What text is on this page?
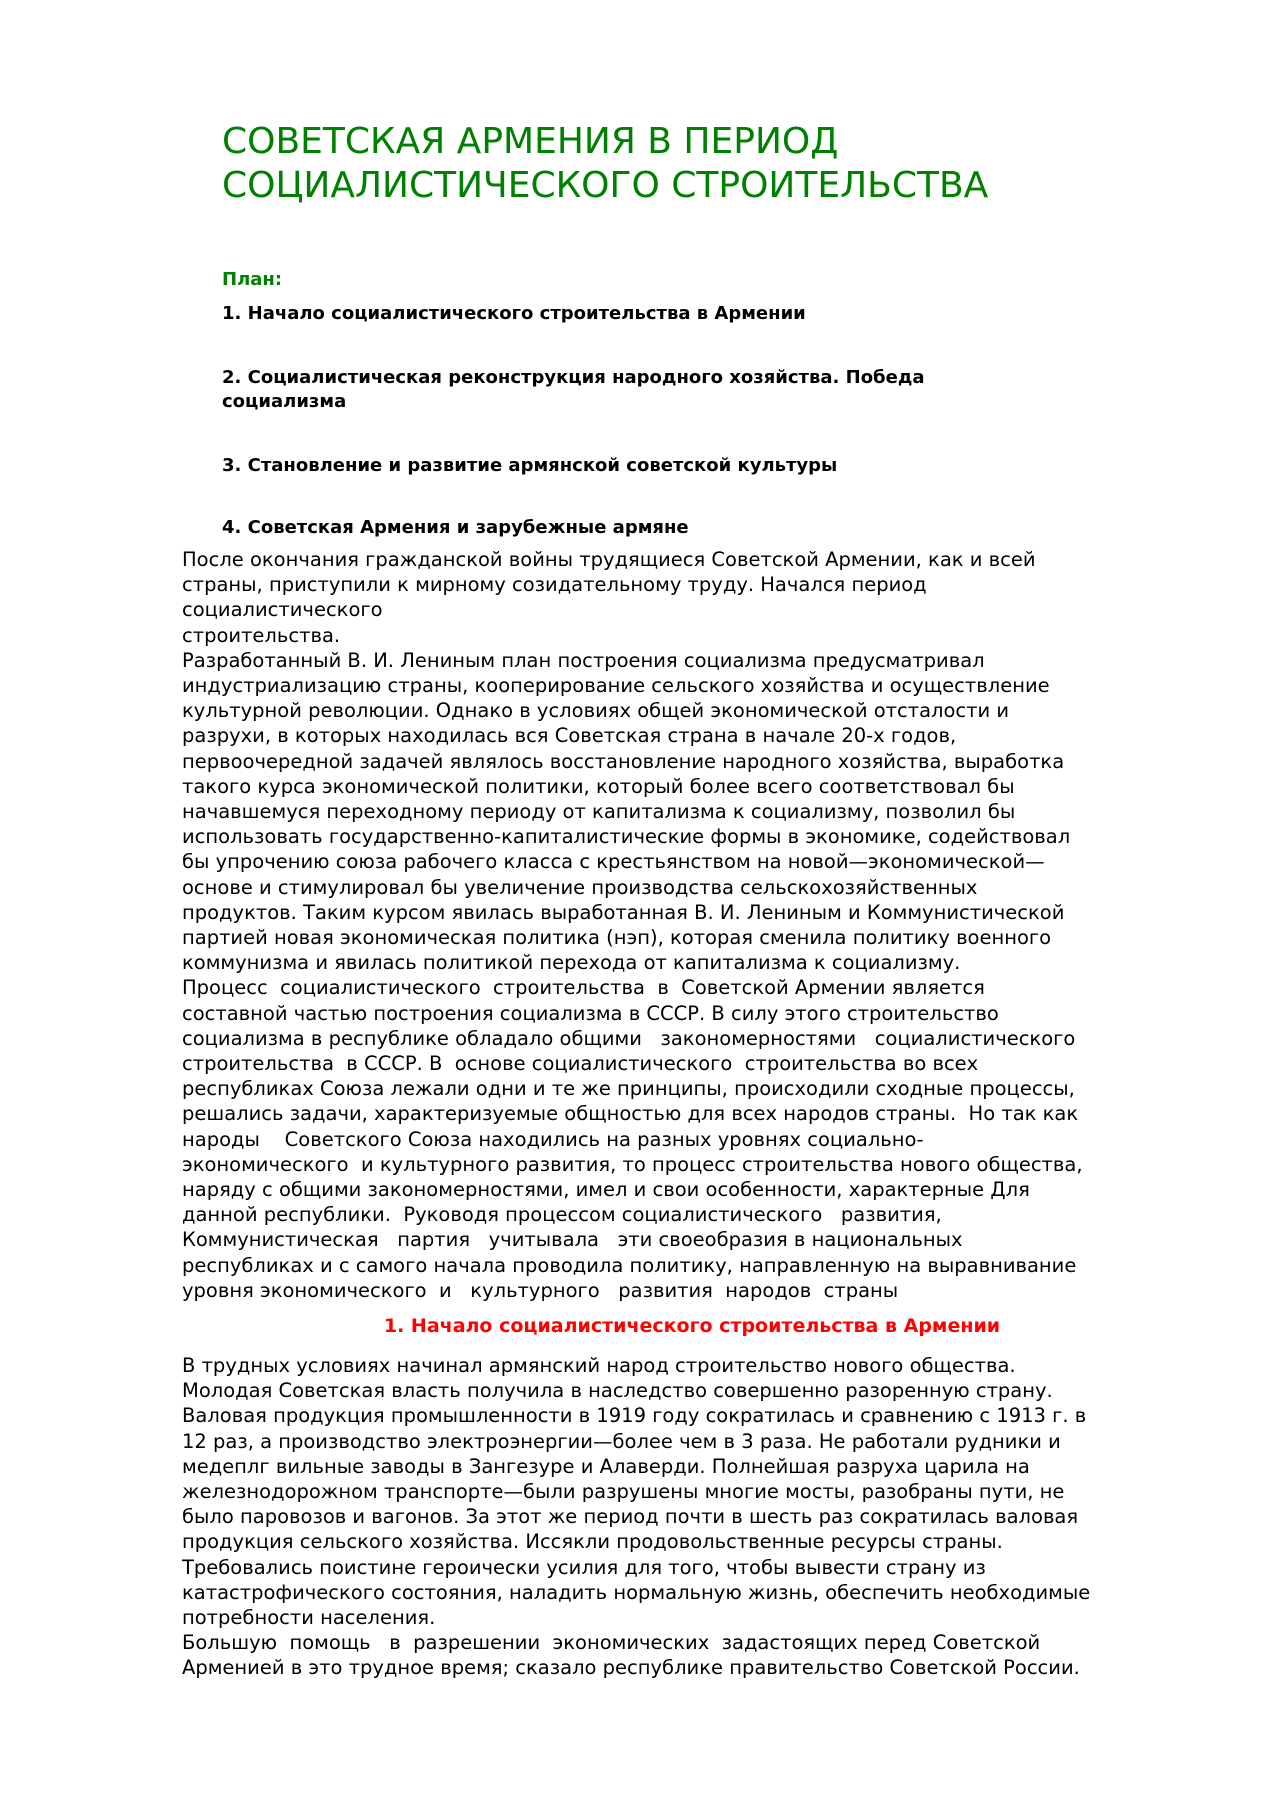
СОВЕТСКАЯ АРМЕНИЯ В ПЕРИОД
СОЦИАЛИСТИЧЕСКОГО СТРОИТЕЛЬСТВА

План:

1. Начало социалистического строительства в Армении

2. Социалистическая реконструкция народного хозяйства. Победа
социализма

3. Становление и развитие армянской советской культуры

4. Советская Армения и зарубежные армяне

После окончания гражданской войны трудящиеся Советской Армении, как и всей
страны, приступили к мирному созидательному труду. Начался период
социалистического
строительства.
Разработанный В. И. Лениным план построения социализма предусматривал
индустриализацию страны, кооперирование сельского хозяйства и осуществление
культурной революции. Однако в условиях общей экономической отсталости и
разрухи, в которых находилась вся Советская страна в начале 20-х годов,
первоочередной задачей являлось восстановление народного хозяйства, выработка
такого курса экономической политики, который более всего соответствовал бы
начавшемуся переходному периоду от капитализма к социализму, позволил бы
использовать государственно-капиталистические формы в экономике, содействовал
бы упрочению союза рабочего класса с крестьянством на новой—экономической—
основе и стимулировал бы увеличение производства сельскохозяйственных
продуктов. Таким курсом явилась выработанная В. И. Лениным и Коммунистической
партией новая экономическая политика (нэп), которая сменила политику военного
коммунизма и явилась политикой перехода от капитализма к социализму.
Процесс  социалистического  строительства  в  Советской Армении является
составной частью построения социализма в СССР. В силу этого строительство
социализма в республике обладало общими   закономерностями   социалистического
строительства  в СССР. В  основе социалистического  строительства во всех
республиках Союза лежали одни и те же принципы, происходили сходные процессы,
решались задачи, характеризуемые общностью для всех народов страны.  Но так как
народы    Советского Союза находились на разных уровнях социально-
экономического  и культурного развития, то процесс строительства нового общества,
наряду с общими закономерностями, имел и свои особенности, характерные Для
данной республики.  Руководя процессом социалистического   развития,
Коммунистическая   партия   учитывала   эти своеобразия в национальных
республиках и с самого начала проводила политику, направленную на выравнивание
уровня экономического  и   культурного   развития  народов  страны
1. Начало социалистического строительства в Армении
В трудных условиях начинал армянский народ строительство нового общества.
Молодая Советская власть получила в наследство совершенно разоренную страну.
Валовая продукция промышленности в 1919 году сократилась и сравнению с 1913 г. в
12 раз, а производство электроэнергии—более чем в 3 раза. Не работали рудники и
медеплг вильные заводы в Зангезуре и Алаверди. Полнейшая разруха царила на
железнодорожном транспорте—были разрушены многие мосты, разобраны пути, не
было паровозов и вагонов. За этот же период почти в шесть раз сократилась валовая
продукция сельского хозяйства. Иссякли продовольственные ресурсы страны.
Требовались поистине героически усилия для того, чтобы вывести страну из
катастрофического состояния, наладить нормальную жизнь, обеспечить необходимые
потребности населения.
Большую  помощь   в  разрешении  экономических  задастоящих перед Советской
Арменией в это трудное время; сказало республике правительство Советской России.
